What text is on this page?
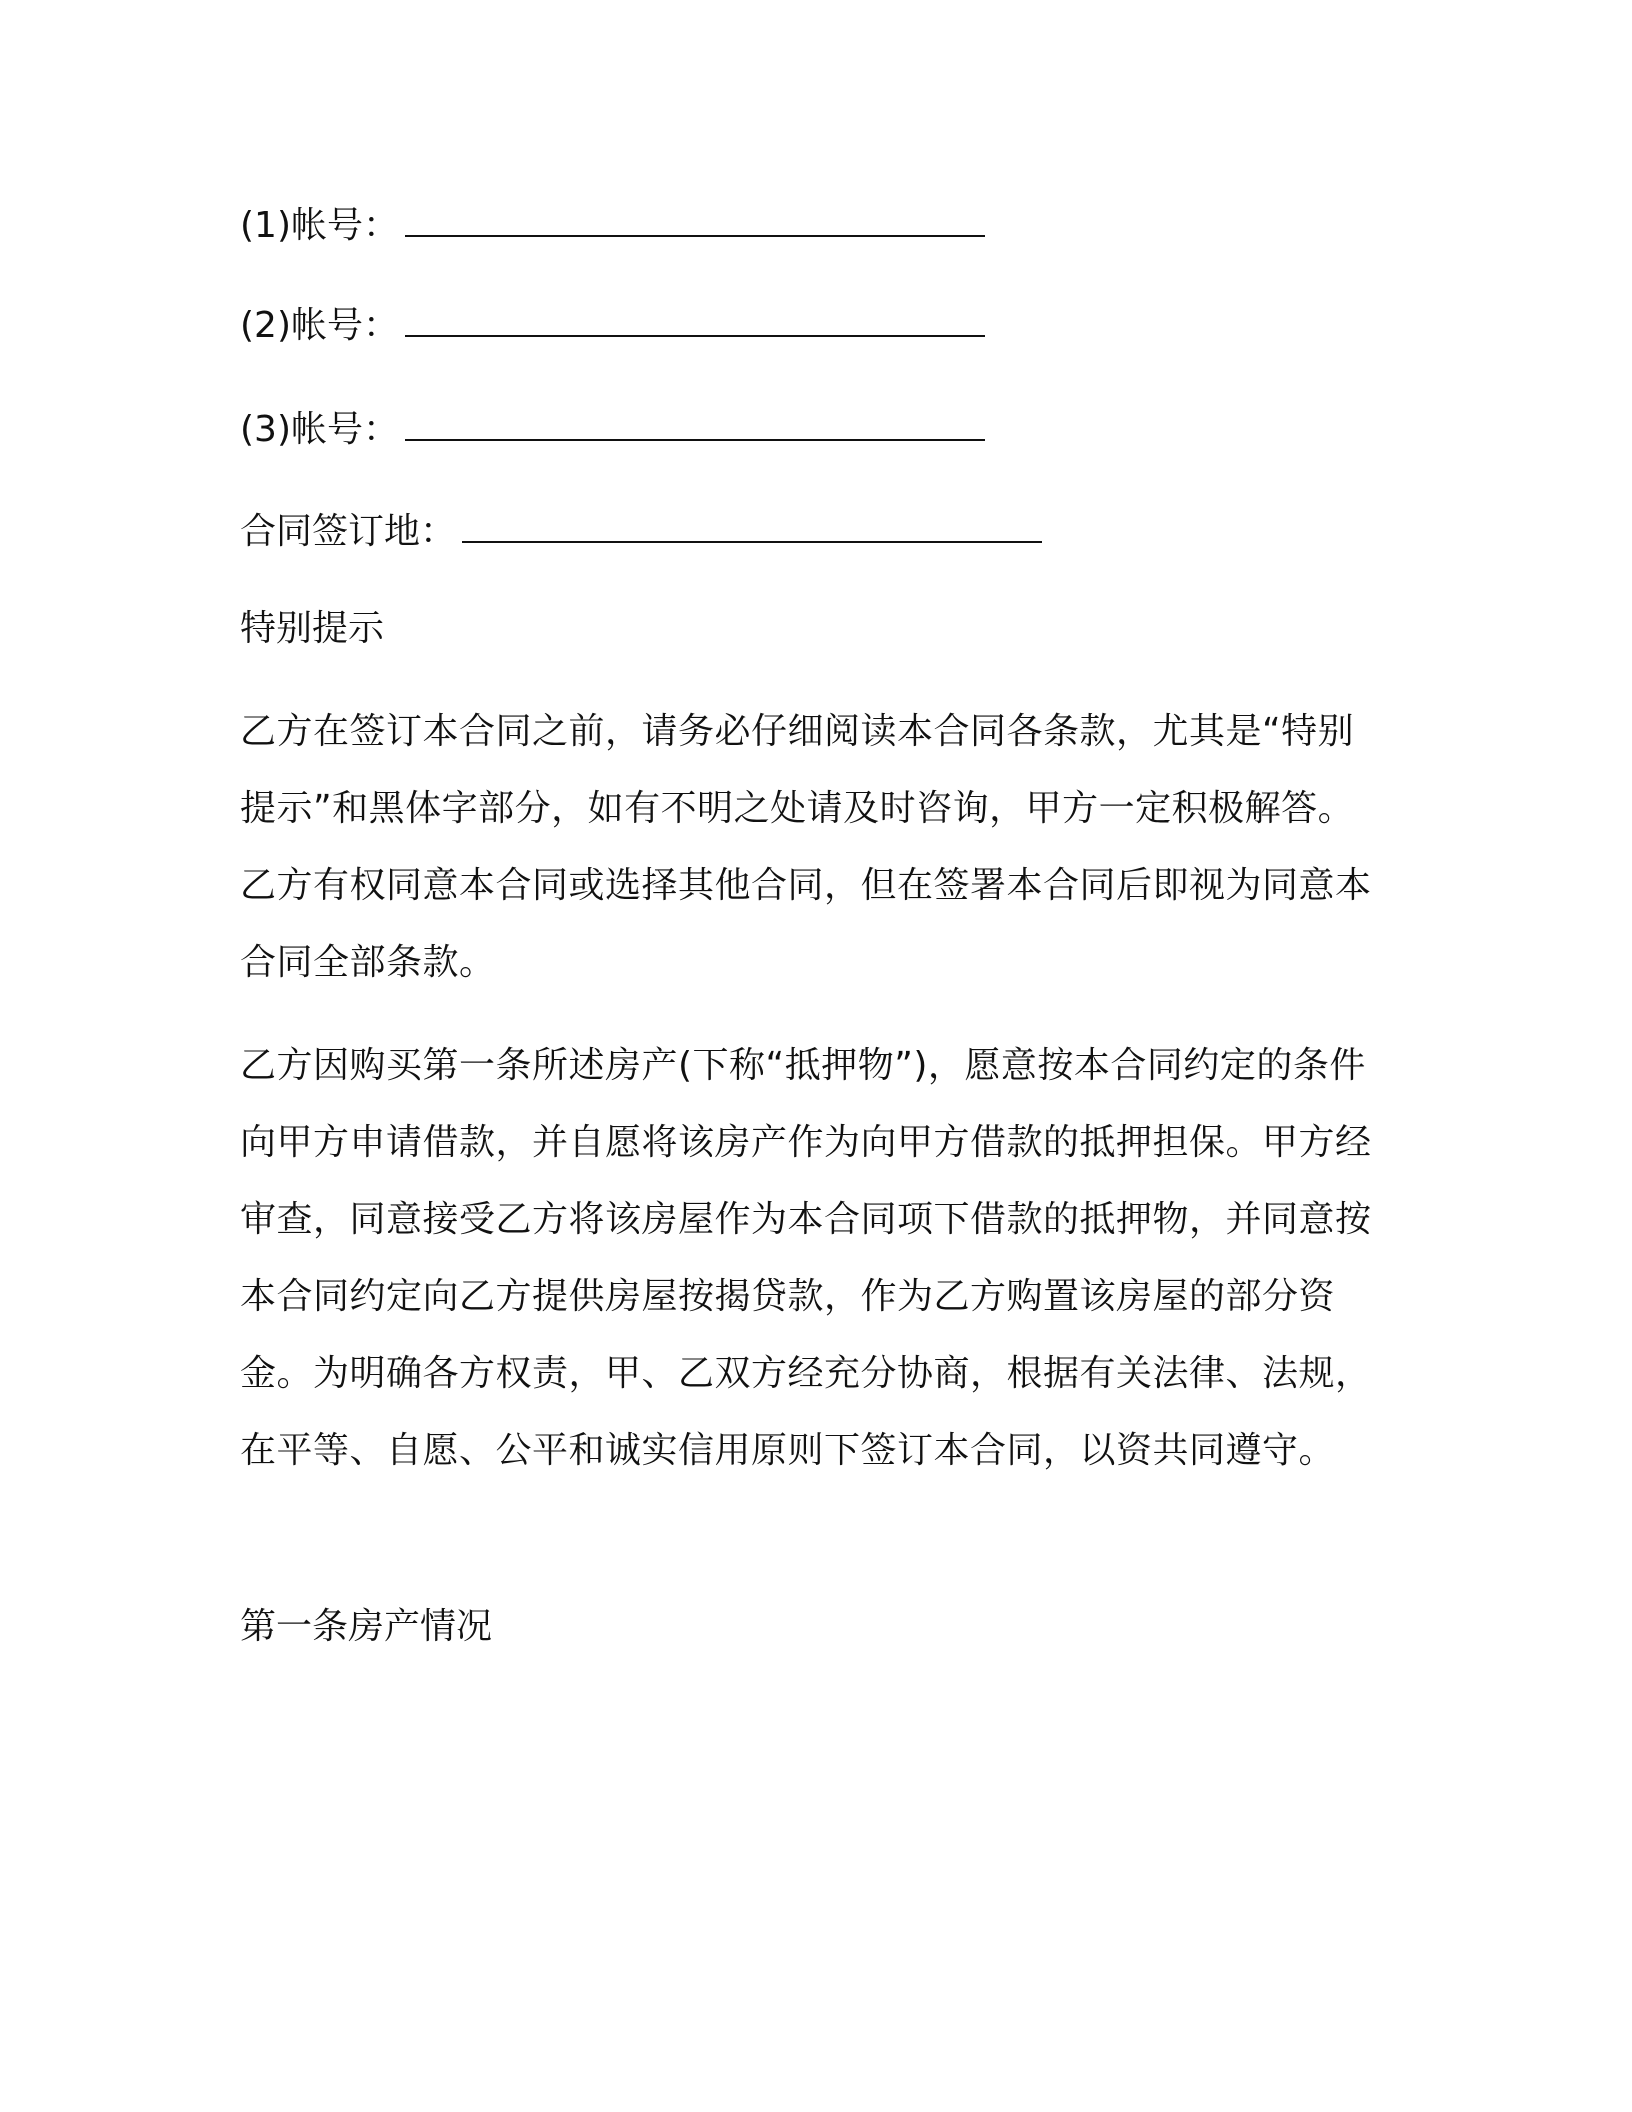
(1)帐号：
(2)帐号：
(3)帐号：
合同签订地：
特别提示
乙方在签订本合同之前，请务必仔细阅读本合同各条款，尤其是“特别提示”和黑体字部分，如有不明之处请及时咨询，甲方一定积极解答。乙方有权同意本合同或选择其他合同，但在签署本合同后即视为同意本合同全部条款。
乙方因购买第一条所述房产(下称“抵押物”)，愿意按本合同约定的条件向甲方申请借款，并自愿将该房产作为向甲方借款的抵押担保。甲方经审查，同意接受乙方将该房屋作为本合同项下借款的抵押物，并同意按本合同约定向乙方提供房屋按揭贷款，作为乙方购置该房屋的部分资金。为明确各方权责，甲、乙双方经充分协商，根据有关法律、法规，在平等、自愿、公平和诚实信用原则下签订本合同，以资共同遵守。
第一条房产情况
